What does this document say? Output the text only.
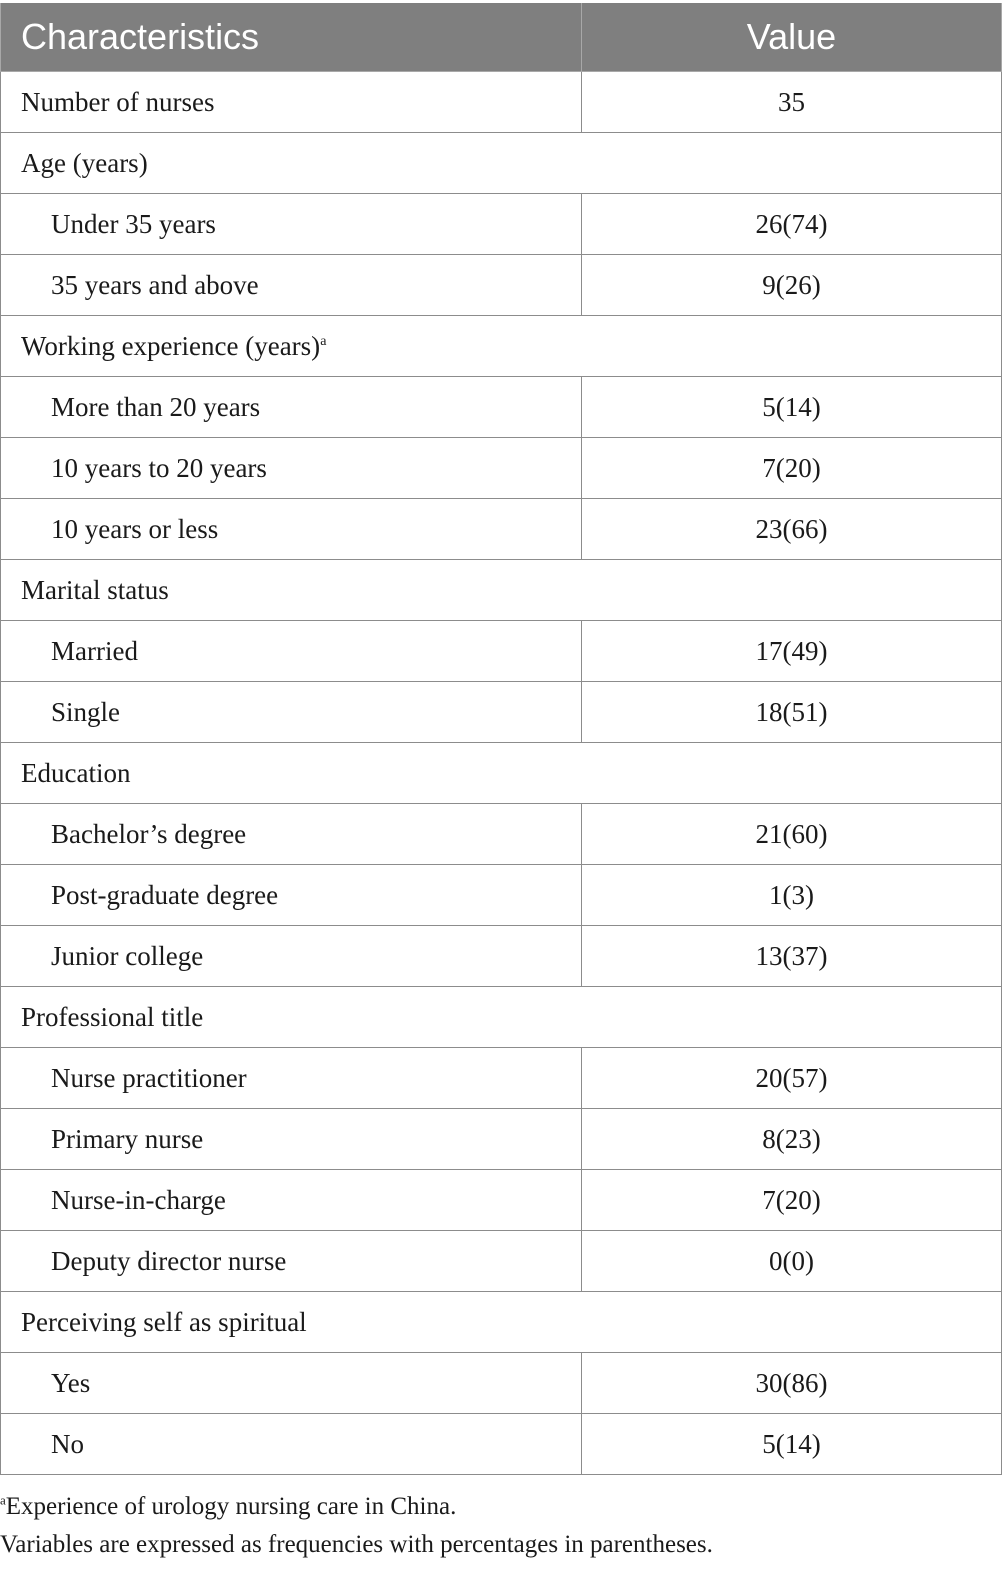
Characteristics	Value
Number of nurses	35
Age (years)	
Under 35 years	26(74)
35 years and above	9(26)
Working experience (years)$^a$	
More than 20 years	5(14)
10 years to 20 years	7(20)
10 years or less	23(66)
Marital status	
Married	17(49)
Single	18(51)
Education	
Bachelor’s degree	21(60)
Post-graduate degree	1(3)
Junior college	13(37)
Professional title	
Nurse practitioner	20(57)
Primary nurse	8(23)
Nurse-in-charge	7(20)
Deputy director nurse	0(0)
Perceiving self as spiritual	
Yes	30(86)
No	5(14)
$^a$Experience of urology nursing care in China.
Variables are expressed as frequencies with percentages in parentheses.
